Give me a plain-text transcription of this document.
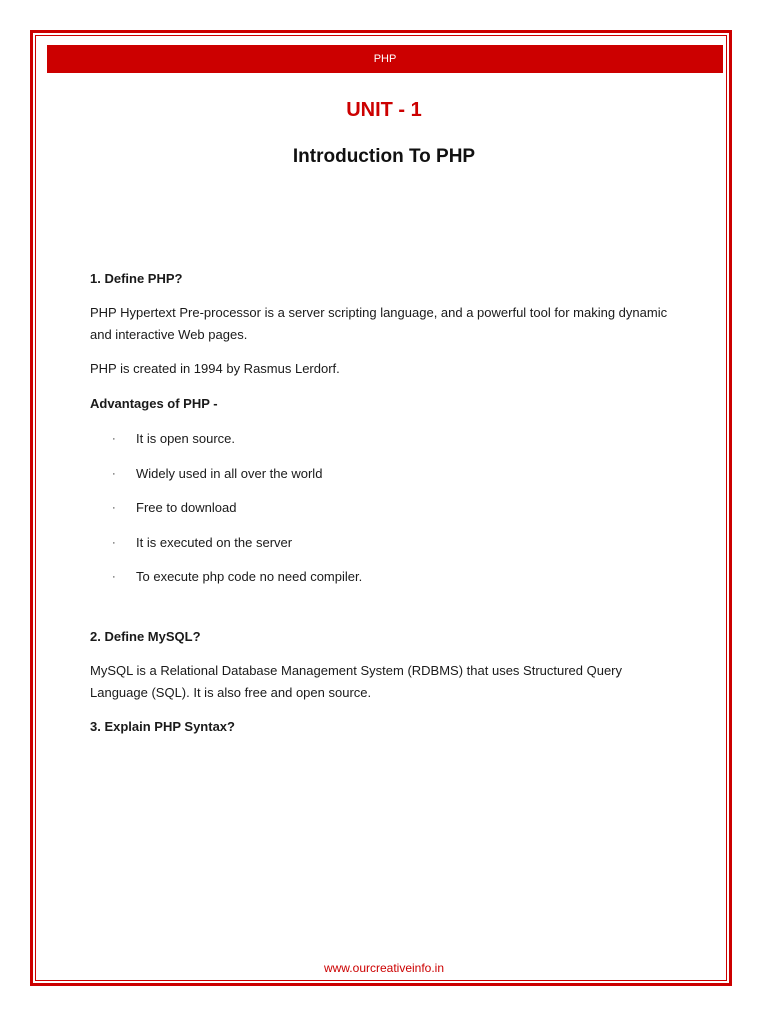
PHP
UNIT - 1
Introduction To PHP

1. Define PHP?

PHP Hypertext Pre-processor is a server scripting language, and a powerful tool for making dynamic and interactive Web pages.

PHP is created in 1994 by Rasmus Lerdorf.

Advantages of PHP -

· It is open source.
· Widely used in all over the world
· Free to download
· It is executed on the server
· To execute php code no need compiler.

2. Define MySQL?

MySQL is a Relational Database Management System (RDBMS) that uses Structured Query Language (SQL). It is also free and open source.

3. Explain PHP Syntax?

www.ourcreativeinfo.in
